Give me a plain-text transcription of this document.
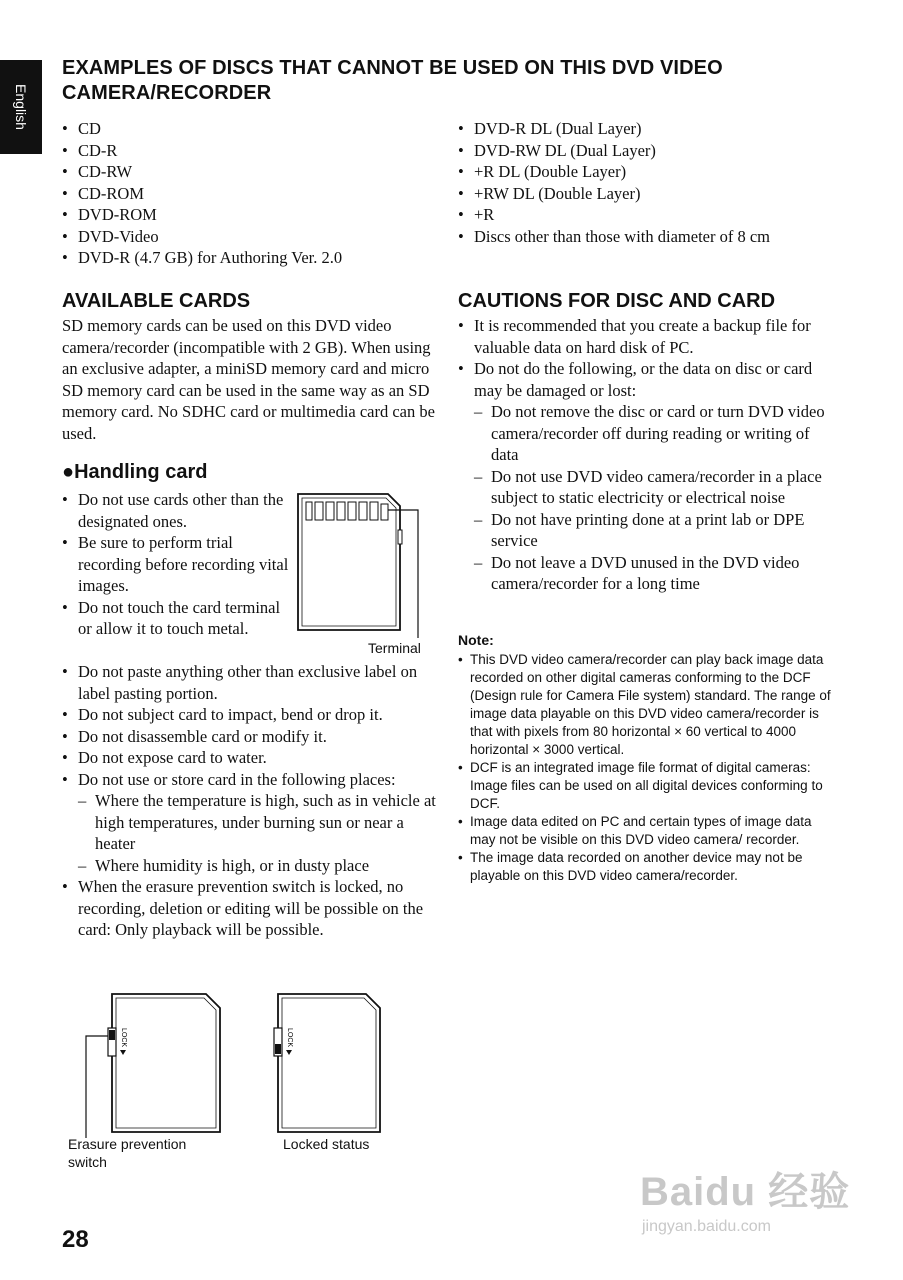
English
EXAMPLES OF DISCS THAT CANNOT BE USED ON THIS DVD VIDEO CAMERA/RECORDER
• CD
• CD-R
• CD-RW
• CD-ROM
• DVD-ROM
• DVD-Video
• DVD-R (4.7 GB) for Authoring Ver. 2.0
• DVD-R DL (Dual Layer)
• DVD-RW DL (Dual Layer)
• +R DL (Double Layer)
• +RW DL (Double Layer)
• +R
• Discs other than those with diameter of 8 cm
AVAILABLE CARDS

SD memory cards can be used on this DVD video camera/recorder (incompatible with 2 GB). When using an exclusive adapter, a miniSD memory card and micro SD memory card can be used in the same way as an SD memory card. No SDHC card or multimedia card can be used.

●Handling card
• Do not use cards other than the designated ones.
• Be sure to perform trial recording before recording vital images.
• Do not touch the card terminal or allow it to touch metal.
• Do not paste anything other than exclusive label on label pasting portion.
• Do not subject card to impact, bend or drop it.
• Do not disassemble card or modify it.
• Do not expose card to water.
• Do not use or store card in the following places:
– Where the temperature is high, such as in vehicle at high temperatures, under burning sun or near a heater
– Where humidity is high, or in dusty place
• When the erasure prevention switch is locked, no recording, deletion or editing will be possible on the card: Only playback will be possible.
Terminal
LOCK
Erasure prevention
switch
LOCK
Locked status
CAUTIONS FOR DISC AND CARD
• It is recommended that you create a backup file for valuable data on hard disk of PC.
• Do not do the following, or the data on disc or card may be damaged or lost:
– Do not remove the disc or card or turn DVD video camera/recorder off during reading or writing of data
– Do not use DVD video camera/recorder in a place subject to static electricity or electrical noise
– Do not have printing done at a print lab or DPE service
– Do not leave a DVD unused in the DVD video camera/recorder for a long time
Note:
• This DVD video camera/recorder can play back image data recorded on other digital cameras conforming to the DCF (Design rule for Camera File system) standard. The range of image data playable on this DVD video camera/recorder is that with pixels from 80 horizontal × 60 vertical to 4000 horizontal × 3000 vertical.
• DCF is an integrated image file format of digital cameras: Image files can be used on all digital devices conforming to DCF.
• Image data edited on PC and certain types of image data may not be visible on this DVD video camera/ recorder.
• The image data recorded on another device may not be playable on this DVD video camera/recorder.
28
Baidu 经验
jingyan.baidu.com
